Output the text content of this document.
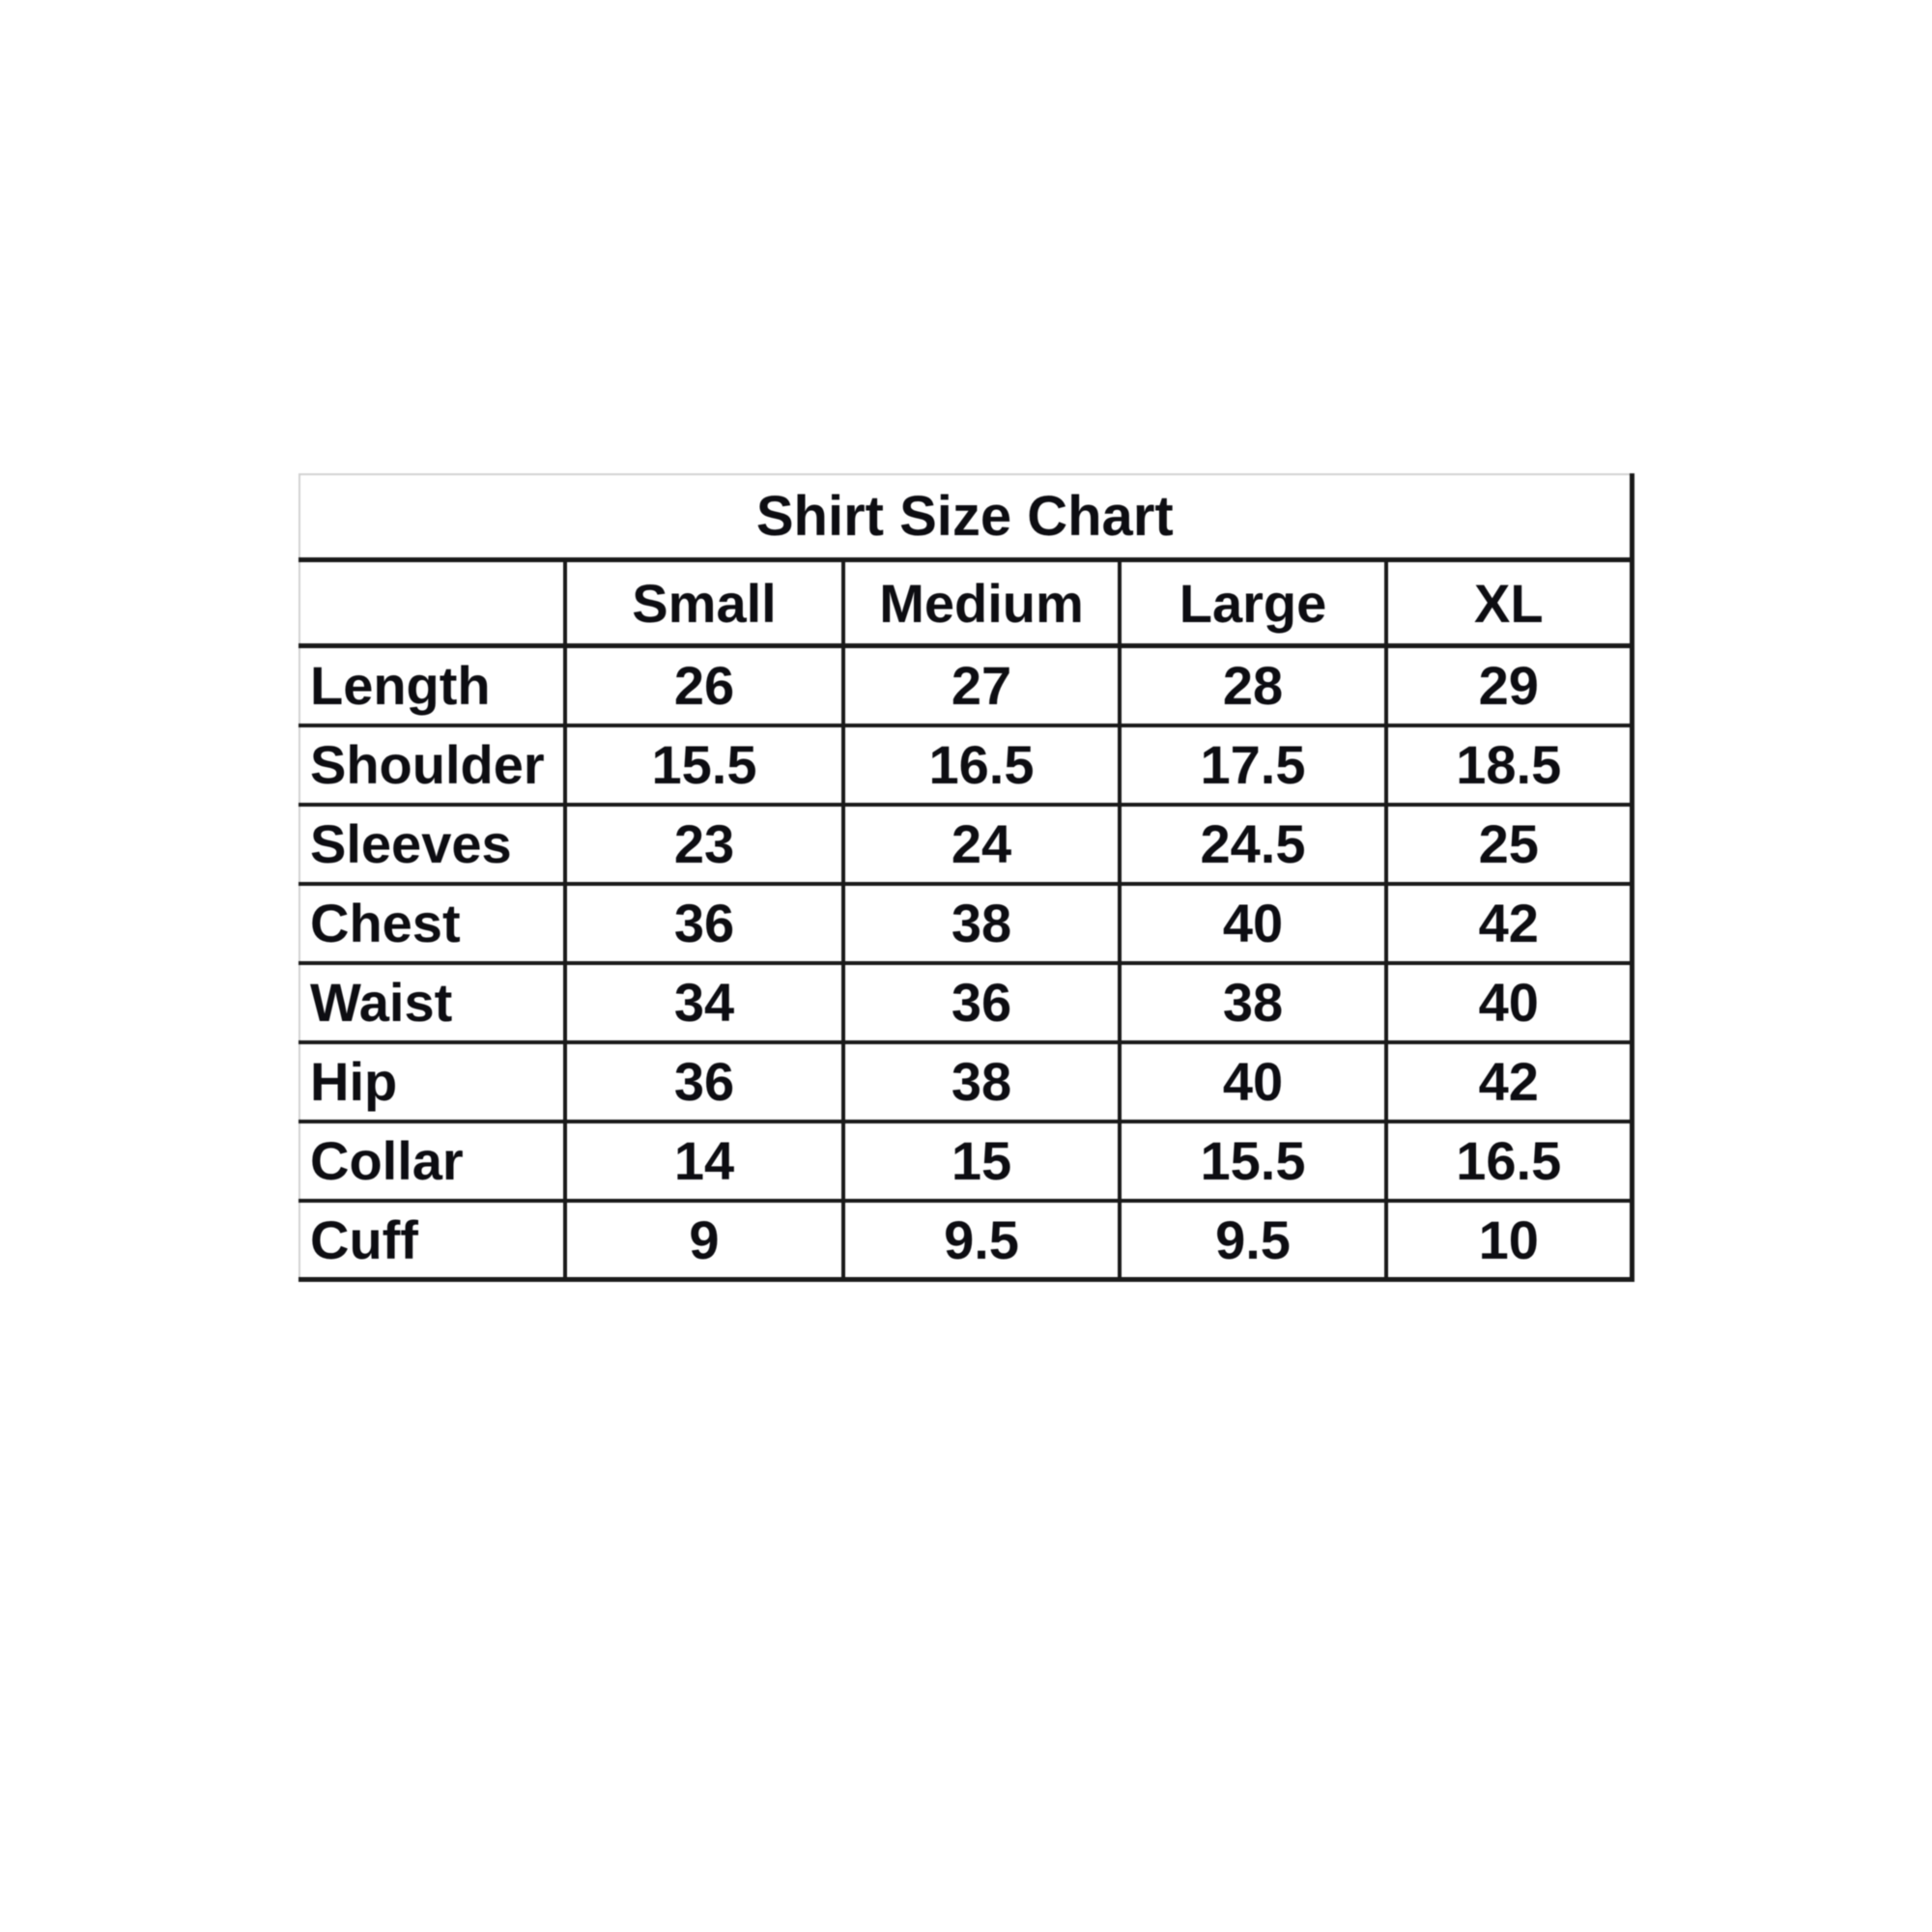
Shirt Size Chart				
	Small	Medium	Large	XL
Length	26	27	28	29
Shoulder	15.5	16.5	17.5	18.5
Sleeves	23	24	24.5	25
Chest	36	38	40	42
Waist	34	36	38	40
Hip	36	38	40	42
Collar	14	15	15.5	16.5
Cuff	9	9.5	9.5	10
